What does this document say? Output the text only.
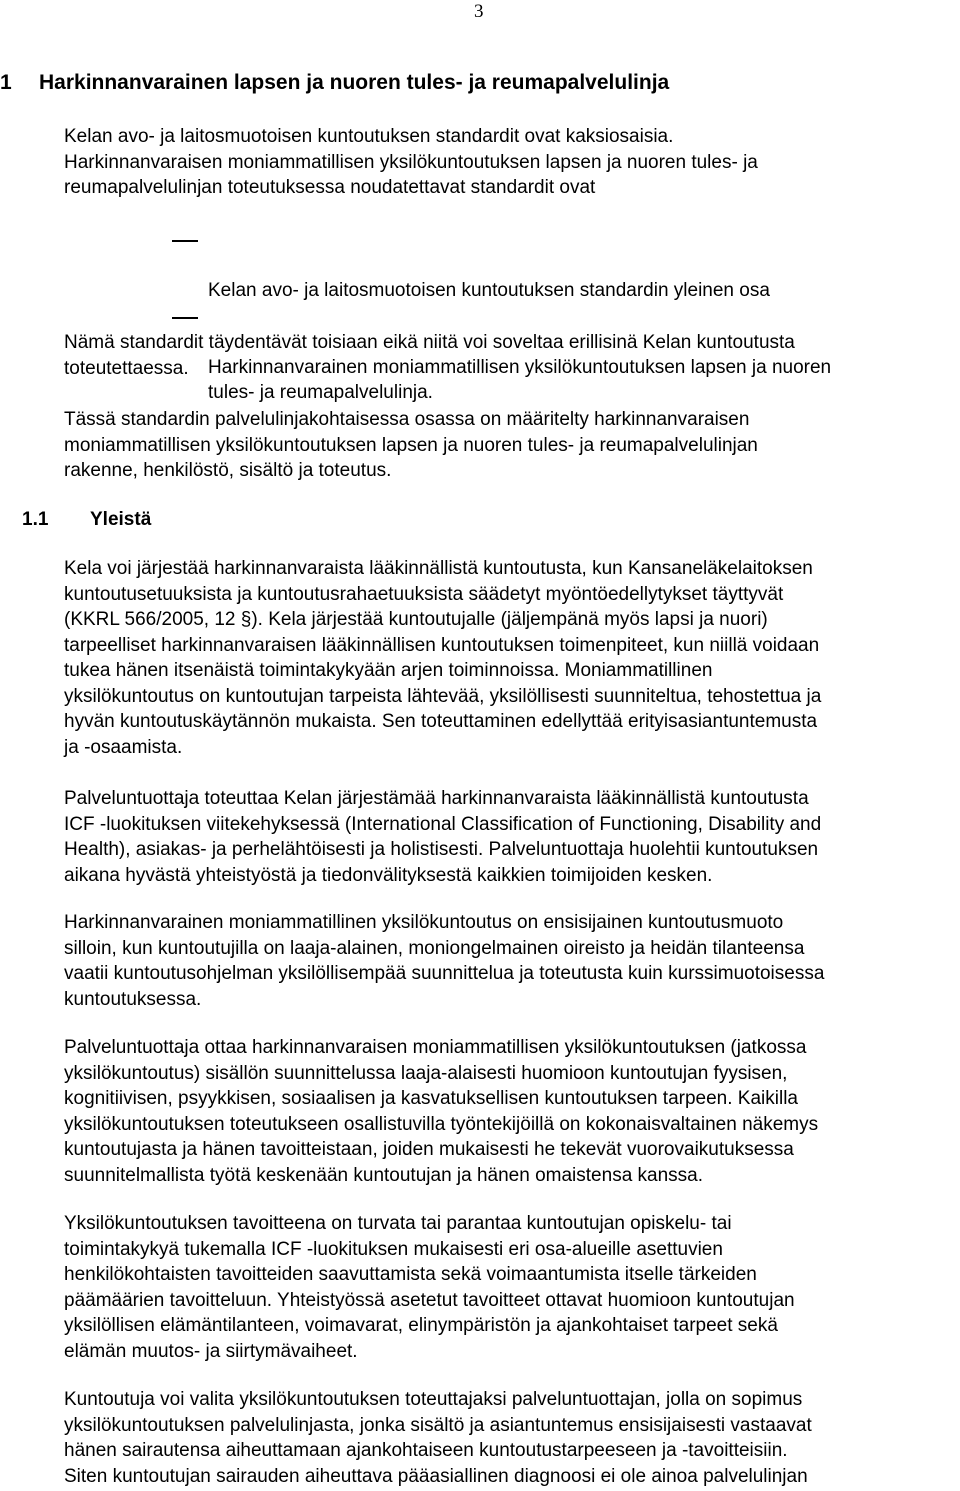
3
1 Harkinnanvarainen lapsen ja nuoren tules- ja reumapalvelulinja
Kelan avo- ja laitosmuotoisen kuntoutuksen standardit ovat kaksiosaisia.
Harkinnanvaraisen moniammatillisen yksilökuntoutuksen lapsen ja nuoren tules- ja
reumapalvelulinjan toteutuksessa noudatettavat standardit ovat

Kelan avo- ja laitosmuotoisen kuntoutuksen standardin yleinen osa

Harkinnanvarainen moniammatillisen yksilökuntoutuksen lapsen ja nuoren
tules- ja reumapalvelulinja.

Nämä standardit täydentävät toisiaan eikä niitä voi soveltaa erillisinä Kelan kuntoutusta
toteutettaessa.
Tässä standardin palvelulinjakohtaisessa osassa on määritelty harkinnanvaraisen
moniammatillisen yksilökuntoutuksen lapsen ja nuoren tules- ja reumapalvelulinjan
rakenne, henkilöstö, sisältö ja toteutus.
1.1 Yleistä
Kela voi järjestää harkinnanvaraista lääkinnällistä kuntoutusta, kun Kansaneläkelaitoksen
kuntoutusetuuksista ja kuntoutusrahaetuuksista säädetyt myöntöedellytykset täyttyvät
(KKRL 566/2005, 12 §). Kela järjestää kuntoutujalle (jäljempänä myös lapsi ja nuori)
tarpeelliset harkinnanvaraisen lääkinnällisen kuntoutuksen toimenpiteet, kun niillä voidaan
tukea hänen itsenäistä toimintakykyään arjen toiminnoissa. Moniammatillinen
yksilökuntoutus on kuntoutujan tarpeista lähtevää, yksilöllisesti suunniteltua, tehostettua ja
hyvän kuntoutuskäytännön mukaista. Sen toteuttaminen edellyttää erityisasiantuntemusta
ja -osaamista.
Palveluntuottaja toteuttaa Kelan järjestämää harkinnanvaraista lääkinnällistä kuntoutusta
ICF -luokituksen viitekehyksessä (International Classification of Functioning, Disability and
Health), asiakas- ja perhelähtöisesti ja holistisesti. Palveluntuottaja huolehtii kuntoutuksen
aikana hyvästä yhteistyöstä ja tiedonvälityksestä kaikkien toimijoiden kesken.
Harkinnanvarainen moniammatillinen yksilökuntoutus on ensisijainen kuntoutusmuoto
silloin, kun kuntoutujilla on laaja-alainen, moniongelmainen oireisto ja heidän tilanteensa
vaatii kuntoutusohjelman yksilöllisempää suunnittelua ja toteutusta kuin kurssimuotoisessa
kuntoutuksessa.
Palveluntuottaja ottaa harkinnanvaraisen moniammatillisen yksilökuntoutuksen (jatkossa
yksilökuntoutus) sisällön suunnittelussa laaja-alaisesti huomioon kuntoutujan fyysisen,
kognitiivisen, psyykkisen, sosiaalisen ja kasvatuksellisen kuntoutuksen tarpeen. Kaikilla
yksilökuntoutuksen toteutukseen osallistuvilla työntekijöillä on kokonaisvaltainen näkemys
kuntoutujasta ja hänen tavoitteistaan, joiden mukaisesti he tekevät vuorovaikutuksessa
suunnitelmallista työtä keskenään kuntoutujan ja hänen omaistensa kanssa.
Yksilökuntoutuksen tavoitteena on turvata tai parantaa kuntoutujan opiskelu- tai
toimintakykyä tukemalla ICF -luokituksen mukaisesti eri osa-alueille asettuvien
henkilökohtaisten tavoitteiden saavuttamista sekä voimaantumista itselle tärkeiden
päämäärien tavoitteluun. Yhteistyössä asetetut tavoitteet ottavat huomioon kuntoutujan
yksilöllisen elämäntilanteen, voimavarat, elinympäristön ja ajankohtaiset tarpeet sekä
elämän muutos- ja siirtymävaiheet.
Kuntoutuja voi valita yksilökuntoutuksen toteuttajaksi palveluntuottajan, jolla on sopimus
yksilökuntoutuksen palvelulinjasta, jonka sisältö ja asiantuntemus ensisijaisesti vastaavat
hänen sairautensa aiheuttamaan ajankohtaiseen kuntoutustarpeeseen ja -tavoitteisiin.
Siten kuntoutujan sairauden aiheuttava pääasiallinen diagnoosi ei ole ainoa palvelulinjan
